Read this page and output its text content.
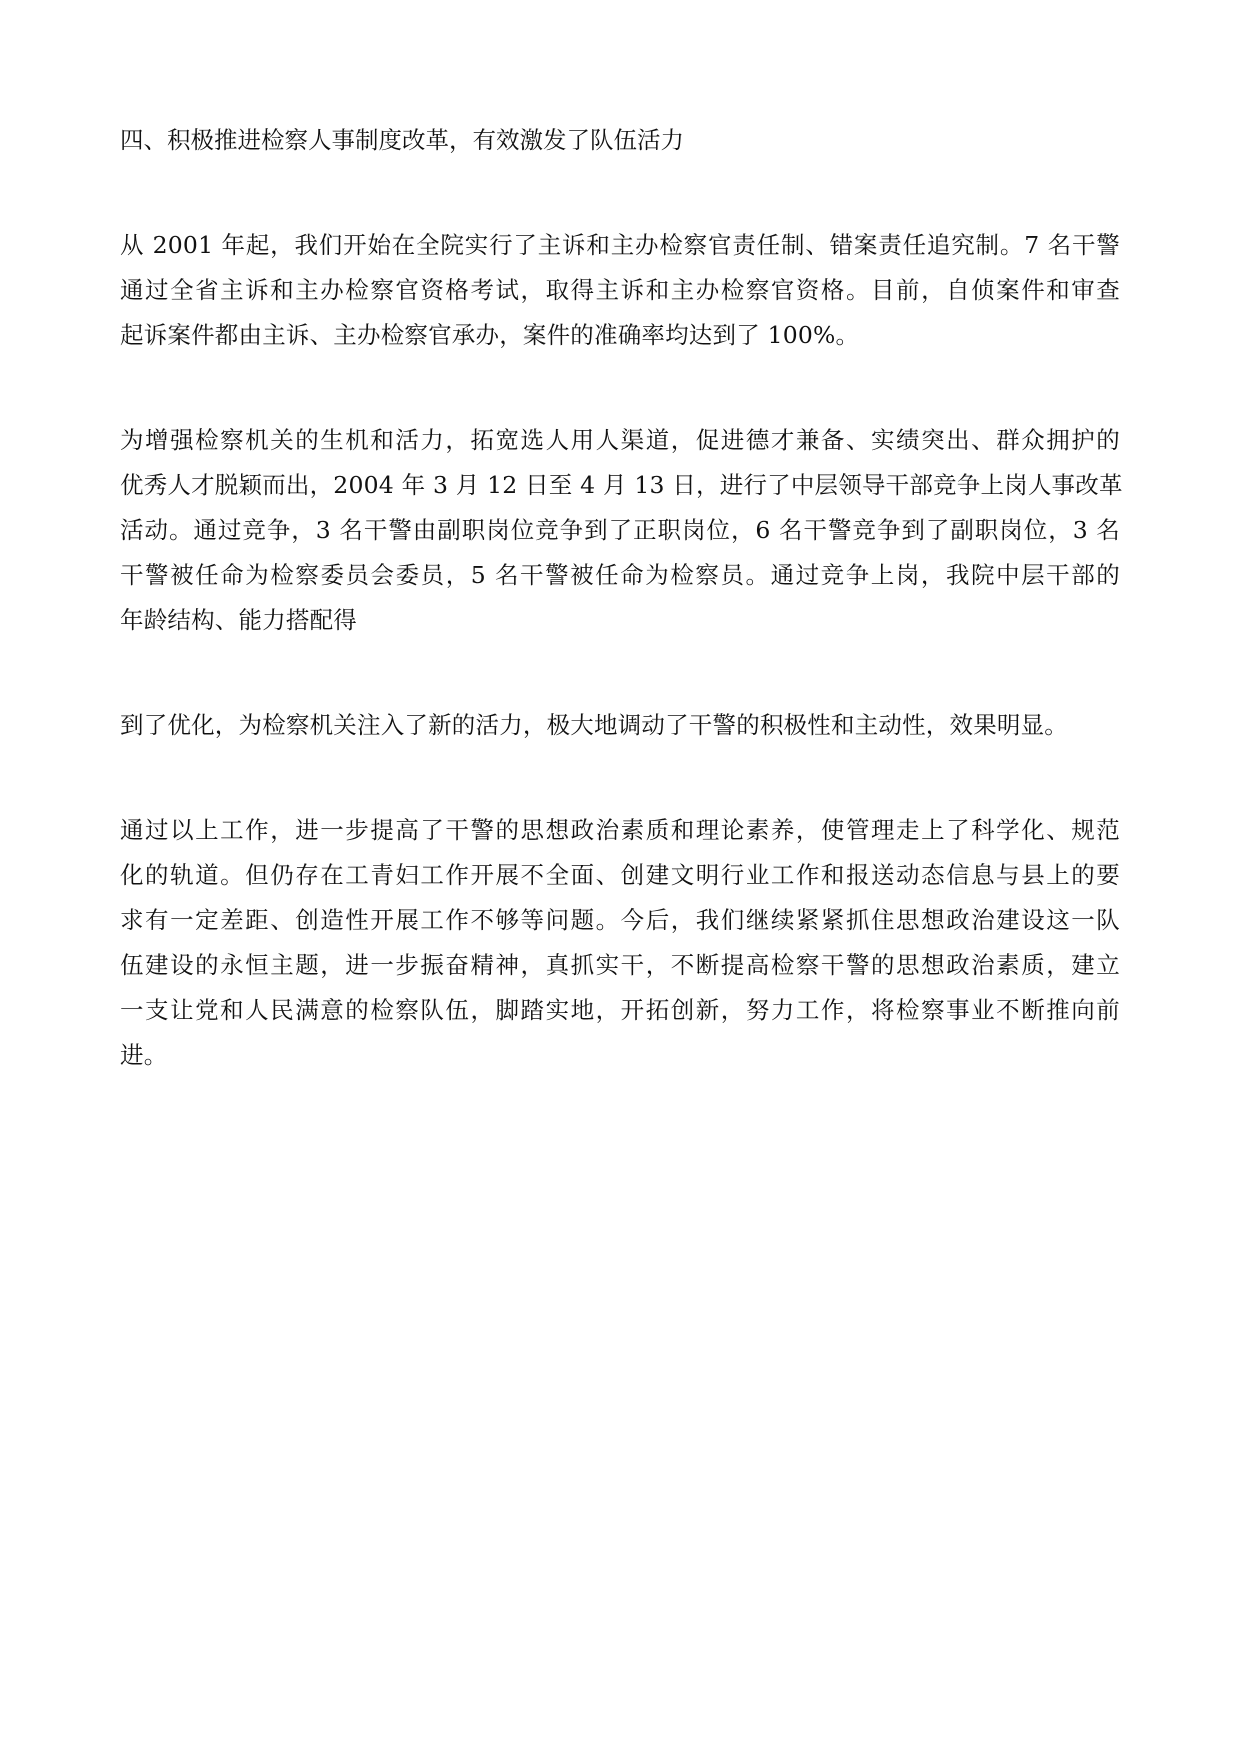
四、积极推进检察人事制度改革，有效激发了队伍活力

从 2001 年起，我们开始在全院实行了主诉和主办检察官责任制、错案责任追究制。7 名干警
通过全省主诉和主办检察官资格考试，取得主诉和主办检察官资格。目前，自侦案件和审查
起诉案件都由主诉、主办检察官承办，案件的准确率均达到了 100%。
为增强检察机关的生机和活力，拓宽选人用人渠道，促进德才兼备、实绩突出、群众拥护的
优秀人才脱颖而出，2004 年 3 月 12 日至 4 月 13 日，进行了中层领导干部竞争上岗人事改革
活动。通过竞争，3 名干警由副职岗位竞争到了正职岗位，6 名干警竞争到了副职岗位，3 名
干警被任命为检察委员会委员，5 名干警被任命为检察员。通过竞争上岗，我院中层干部的
年龄结构、能力搭配得
到了优化，为检察机关注入了新的活力，极大地调动了干警的积极性和主动性，效果明显。
通过以上工作，进一步提高了干警的思想政治素质和理论素养，使管理走上了科学化、规范
化的轨道。但仍存在工青妇工作开展不全面、创建文明行业工作和报送动态信息与县上的要
求有一定差距、创造性开展工作不够等问题。今后，我们继续紧紧抓住思想政治建设这一队
伍建设的永恒主题，进一步振奋精神，真抓实干，不断提高检察干警的思想政治素质，建立
一支让党和人民满意的检察队伍，脚踏实地，开拓创新，努力工作，将检察事业不断推向前
进。
